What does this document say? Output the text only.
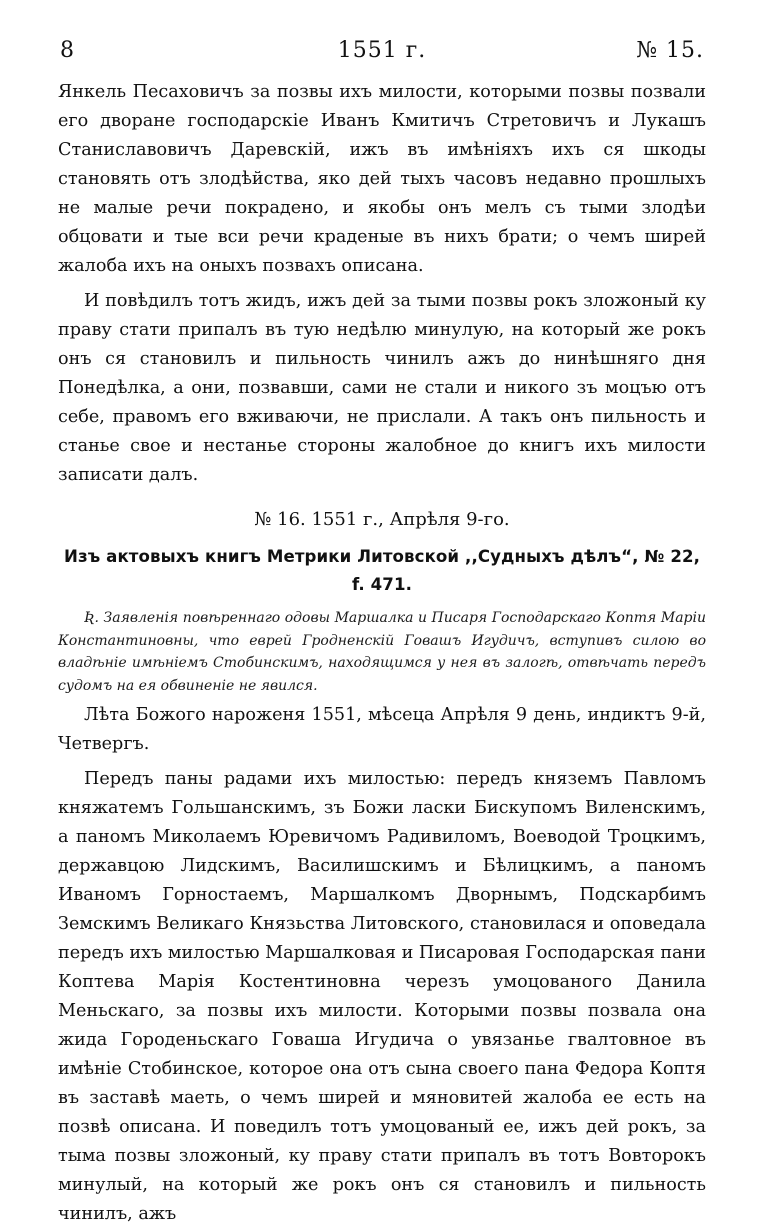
8	1551 г.	№ 15.

Янкель Песаховичъ за позвы ихъ милости, которыми позвы позвали его дворане господарскіе Иванъ Кмитичъ Стретовичъ и Лукашъ Станиславовичъ Даревскій, ижъ въ имѣніяхъ ихъ ся шкоды становять отъ злодѣйства, яко дей тыхъ часовъ недавно прошлыхъ не малые речи покрадено, и якобы онъ мелъ съ тыми злодѣи обцовати и тые вси речи краденые въ нихъ брати; о чемъ ширей жалоба ихъ на оныхъ позвахъ описана.

И повѣдилъ тотъ жидъ, ижъ дей за тыми позвы рокъ зложоный ку праву стати припалъ въ тую недѣлю минулую, на который же рокъ онъ ся становилъ и пильность чинилъ ажъ до нинѣшняго дня Понедѣлка, а они, позвавши, сами не стали и никого зъ моцъю отъ себе, правомъ его вживаючи, не прислали. А такъ онъ пильность и станье свое и нестанье стороны жалобное до книгъ ихъ милости записати далъ.

№ 16. 1551 г., Апрѣля 9-го.
Изъ актовыхъ книгъ Метрики Литовской ,,Судныхъ дѣлъ“, № 22, f. 471.

Ʀ. Заявленія повѣреннаго одовы Маршалка и Писаря Господарскаго Коптя Маріи Константиновны, что еврей Гродненскій Говашъ Игудичъ, вступивъ силою во владѣніе имѣніемъ Стобинскимъ, находящимся у нея въ залогѣ, отвѣчать передъ судомъ на ея обвиненіе не явился.

Лѣта Божого нароженя 1551, мѣсеца Апрѣля 9 день, индиктъ 9-й, Четвергъ.

Передъ паны радами ихъ милостью: передъ княземъ Павломъ княжатемъ Гольшанскимъ, зъ Божи ласки Бискупомъ Виленскимъ, а паномъ Миколаемъ Юревичомъ Радивиломъ, Воеводой Троцкимъ, державцою Лидскимъ, Василишскимъ и Бѣлицкимъ, а паномъ Иваномъ Горностаемъ, Маршалкомъ Дворнымъ, Подскарбимъ Земскимъ Великаго Князьства Литовского, становилася и оповедала передъ ихъ милостью Маршалковая и Писаровая Господарская пани Коптева Марія Костентиновна черезъ умоцованого Данила Меньскаго, за позвы ихъ милости. Которыми позвы позвала она жида Городеньскаго Говаша Игудича о увязанье гвалтовное въ имѣніе Стобинское, которое она отъ сына своего пана Федора Коптя въ заставѣ маеть, о чемъ ширей и мяновитей жалоба ее есть на позвѣ описана. И поведилъ тотъ умоцованый ее, ижъ дей рокъ, за тыма позвы зложоный, ку праву стати припалъ въ тотъ Вовторокъ минулый, на который же рокъ онъ ся становилъ и пильность чинилъ, ажъ
